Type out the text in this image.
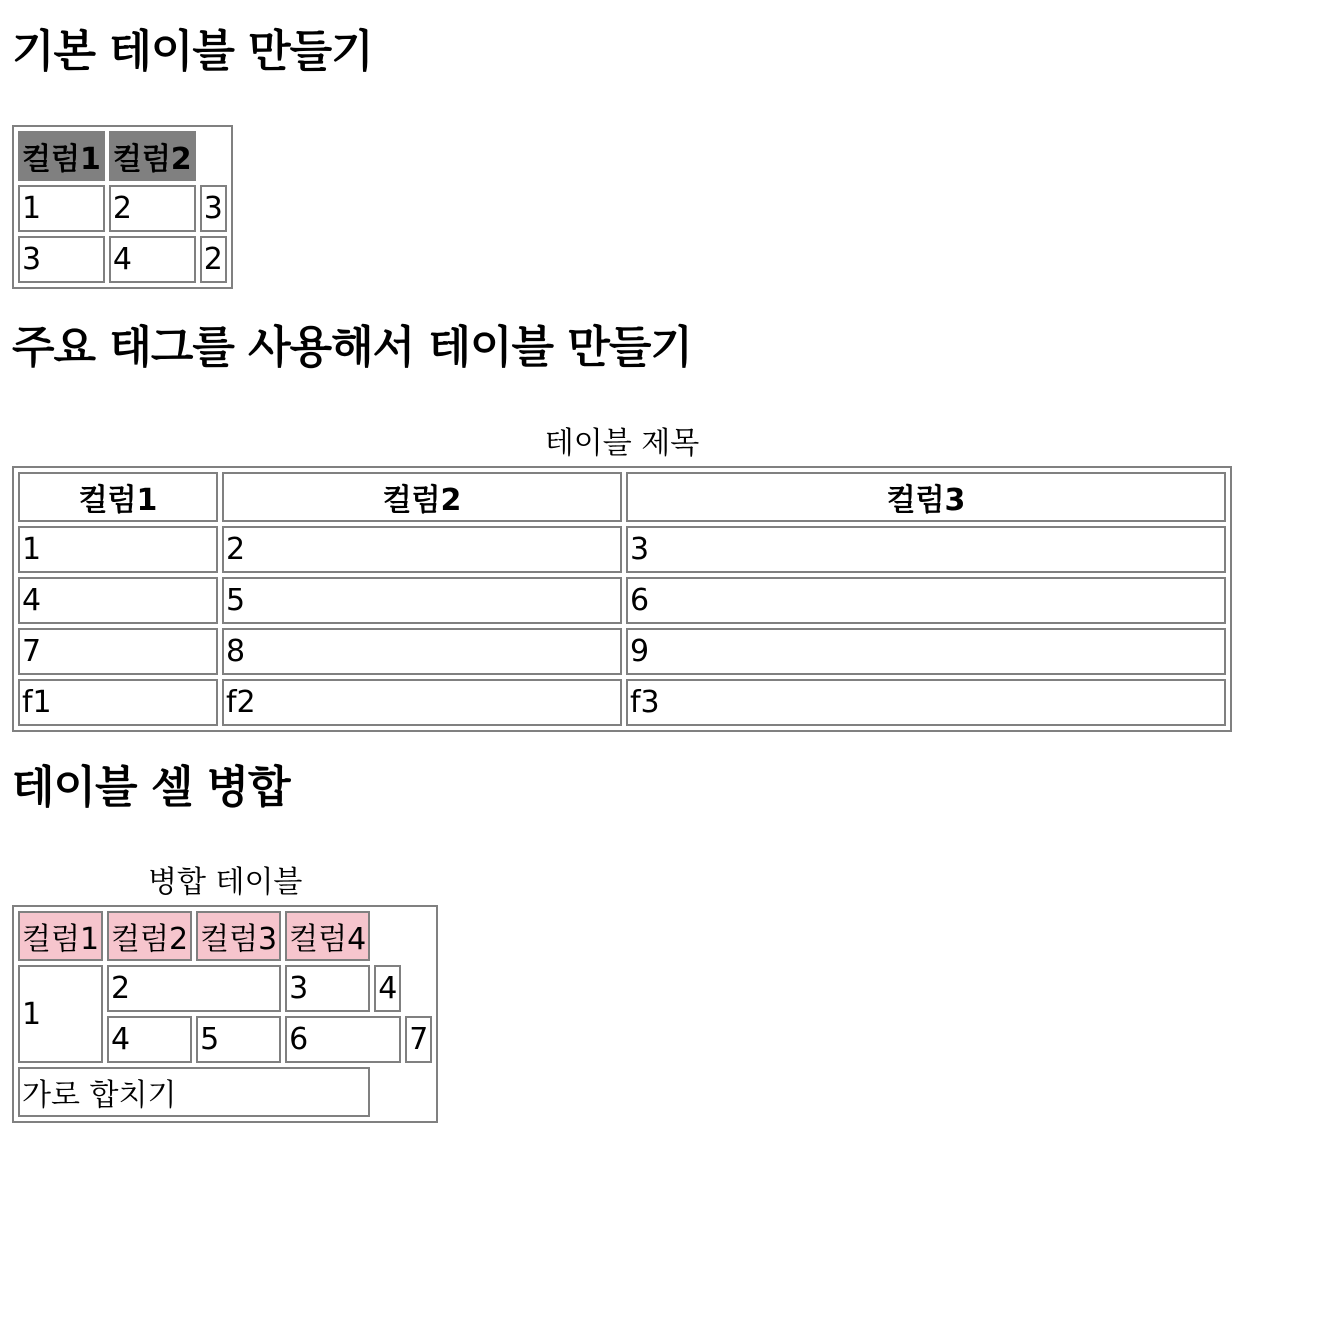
기본 테이블 만들기
컬럼1	컬럼2	
1	2	3
3	4	2
주요 태그를 사용해서 테이블 만들기
테이블 제목
컬럼1	컬럼2	컬럼3
1	2	3
4	5	6
7	8	9
f1	f2	f3
테이블 셀 병합
병합 테이블
컬럼1	컬럼2	컬럼3	컬럼4		
1	2		3	4	
	4	5	6		7
가로 합치기					
